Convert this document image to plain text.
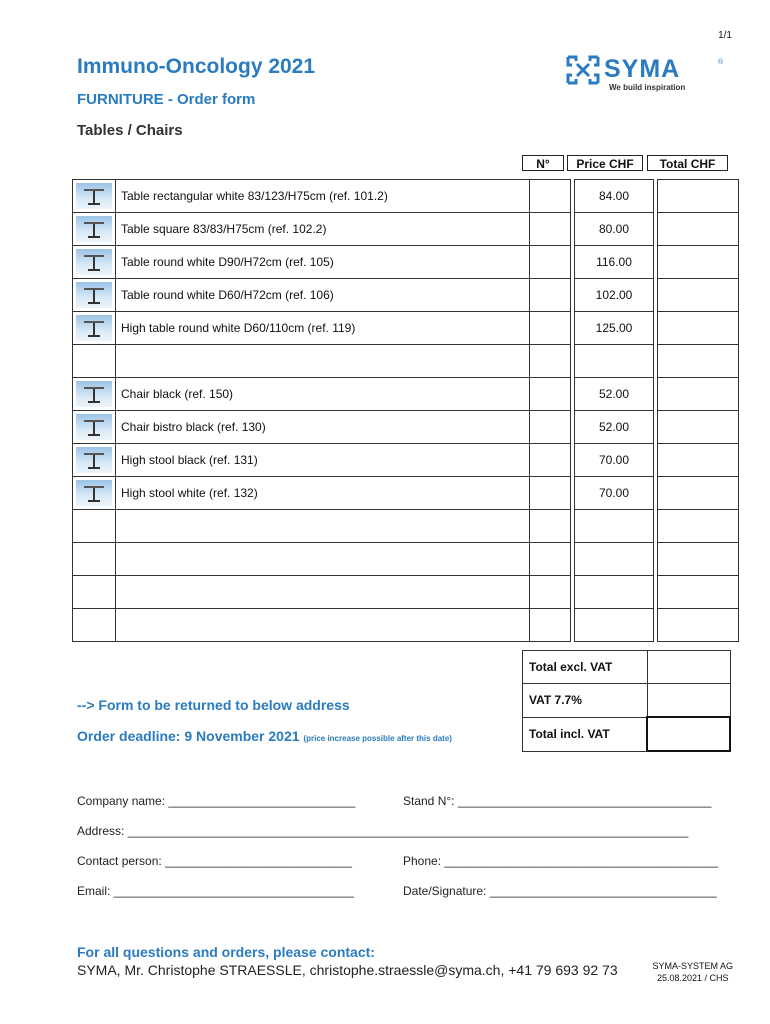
1/1
Immuno-Oncology 2021
FURNITURE - Order form
Tables / Chairs
SYMA	®
We build inspiration
N°	Price CHF	Total CHF
	Table rectangular white 83/123/H75cm (ref. 101.2)			84.00		

	Table square 83/83/H75cm (ref. 102.2)			80.00		

	Table round white D90/H72cm (ref. 105)			116.00		

	Table round white D60/H72cm (ref. 106)			102.00		

	High table round white D60/110cm (ref. 119)			125.00		

	Chair black (ref. 150)			52.00		

	Chair bistro black (ref. 130)			52.00		

	High stool black (ref. 131)			70.00		

	High stool white (ref. 132)			70.00		

Total excl. VAT	
VAT 7.7%	
Total incl. VAT	
--> Form to be returned to below address
Order deadline: 9 November 2021 (price increase possible after this date)
Company name: ____________________________	Stand N°: ______________________________________
Address: ____________________________________________________________________________________
Contact person: ____________________________	Phone: _________________________________________
Email: ____________________________________	Date/Signature: __________________________________
For all questions and orders, please contact:
SYMA, Mr. Christophe STRAESSLE, christophe.straessle@syma.ch, +41 79 693 92 73	SYMA-SYSTEM AG
25.08.2021 / CHS
